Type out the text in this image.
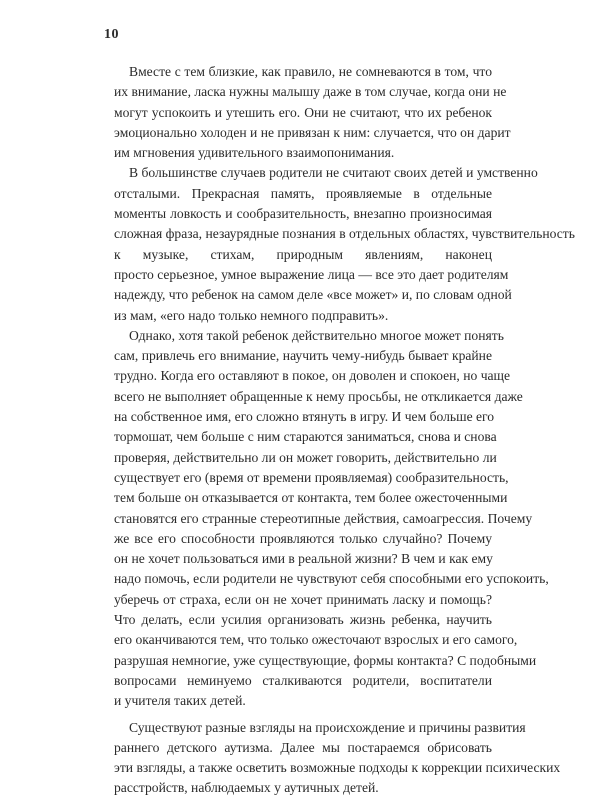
10
Вместе с тем близкие, как правило, не сомневаются в том, что
их внимание, ласка нужны малышу даже в том случае, когда они не
могут успокоить и утешить его. Они не считают, что их ребенок
эмоционально холоден и не привязан к ним: случается, что он дарит
им мгновения удивительного взаимопонимания.
В большинстве случаев родители не считают своих детей и умственно
отсталыми. Прекрасная память, проявляемые в отдельные
моменты ловкость и сообразительность, внезапно произносимая
сложная фраза, незаурядные познания в отдельных областях, чувствительность
к музыке, стихам, природным явлениям, наконец
просто серьезное, умное выражение лица — все это дает родителям
надежду, что ребенок на самом деле «все может» и, по словам одной
из мам, «его надо только немного подправить».
Однако, хотя такой ребенок действительно многое может понять
сам, привлечь его внимание, научить чему-нибудь бывает крайне
трудно. Когда его оставляют в покое, он доволен и спокоен, но чаще
всего не выполняет обращенные к нему просьбы, не откликается даже
на собственное имя, его сложно втянуть в игру. И чем больше его
тормошат, чем больше с ним стараются заниматься, снова и снова
проверяя, действительно ли он может говорить, действительно ли
существует его (время от времени проявляемая) сообразительность,
тем больше он отказывается от контакта, тем более ожесточенными
становятся его странные стереотипные действия, самоагрессия. Почему
же все его способности проявляются только случайно? Почему
он не хочет пользоваться ими в реальной жизни? В чем и как ему
надо помочь, если родители не чувствуют себя способными его успокоить,
уберечь от страха, если он не хочет принимать ласку и помощь?
Что делать, если усилия организовать жизнь ребенка, научить
его оканчиваются тем, что только ожесточают взрослых и его самого,
разрушая немногие, уже существующие, формы контакта? С подобными
вопросами неминуемо сталкиваются родители, воспитатели
и учителя таких детей.
Существуют разные взгляды на происхождение и причины развития
раннего детского аутизма. Далее мы постараемся обрисовать
эти взгляды, а также осветить возможные подходы к коррекции психических
расстройств, наблюдаемых у аутичных детей.
